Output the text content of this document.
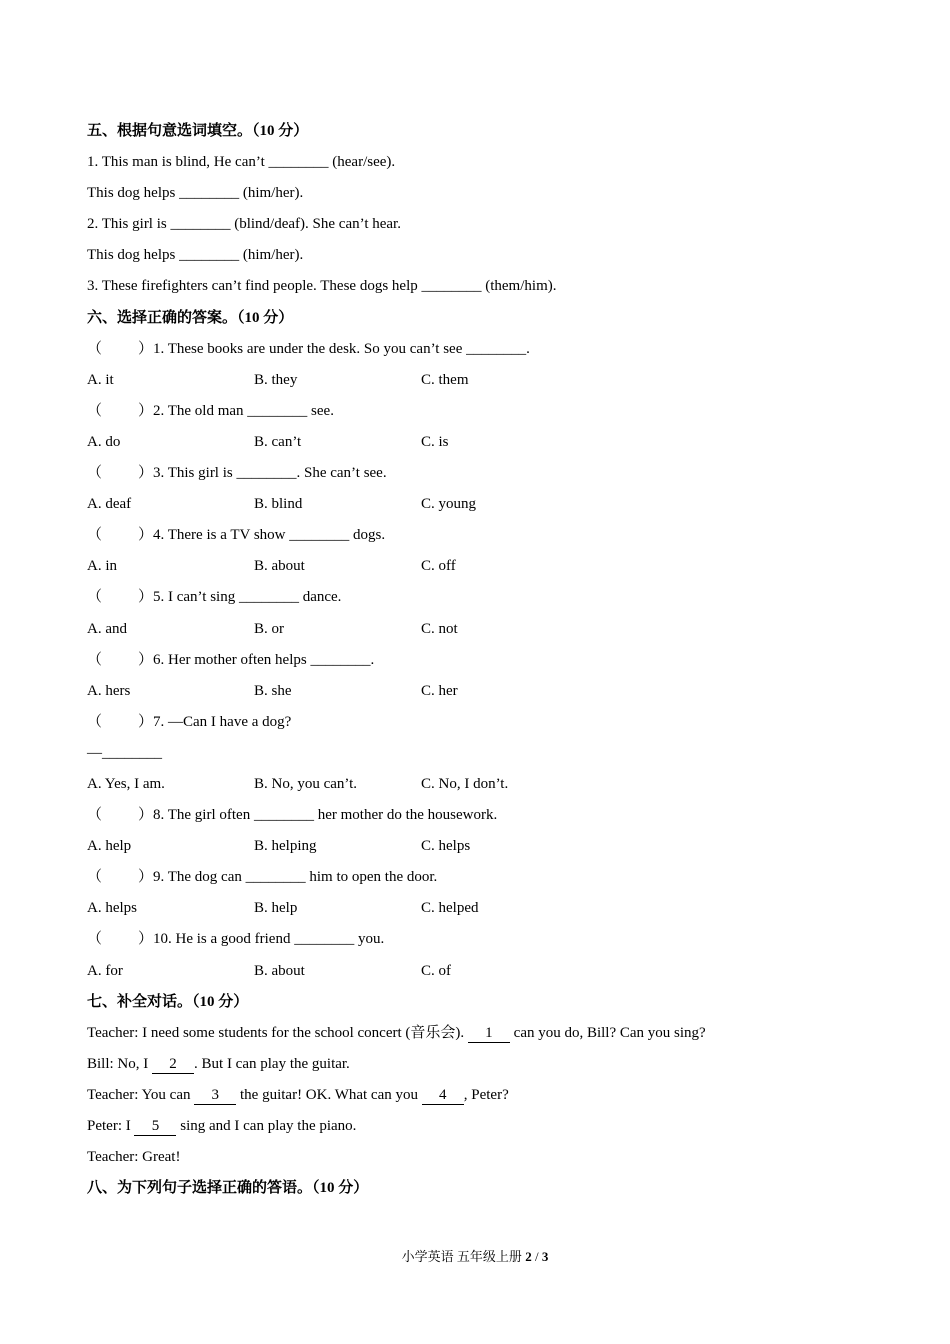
五、根据句意选词填空。（10 分）
1. This man is blind, He can’t ________ (hear/see).
This dog helps ________ (him/her).
2. This girl is ________ (blind/deaf). She can’t hear.
This dog helps ________ (him/her).
3. These firefighters can’t find people. These dogs help ________ (them/him).
六、选择正确的答案。（10 分）
（ ）1. These books are under the desk. So you can’t see ________.
A. it	B. they	C. them
（ ）2. The old man ________ see.
A. do	B. can’t	C. is
（ ）3. This girl is ________. She can’t see.
A. deaf	B. blind	C. young
（ ）4. There is a TV show ________ dogs.
A. in	B. about	C. off
（ ）5. I can’t sing ________ dance.
A. and	B. or	C. not
（ ）6. Her mother often helps ________.
A. hers	B. she	C. her
（ ）7. —Can I have a dog?
—________
A. Yes, I am.	B. No, you can’t.	C. No, I don’t.
（ ）8. The girl often ________ her mother do the housework.
A. help	B. helping	C. helps
（ ）9. The dog can ________ him to open the door.
A. helps	B. help	C. helped
（ ）10. He is a good friend ________ you.
A. for	B. about	C. of
七、补全对话。（10 分）
Teacher: I need some students for the school concert (音乐会). 1 can you do, Bill? Can you sing?
Bill: No, I 2 . But I can play the guitar.
Teacher: You can 3 the guitar! OK. What can you 4 , Peter?
Peter: I 5 sing and I can play the piano.
Teacher: Great!
八、为下列句子选择正确的答语。（10 分）
小学英语 五年级上册 2 / 3
